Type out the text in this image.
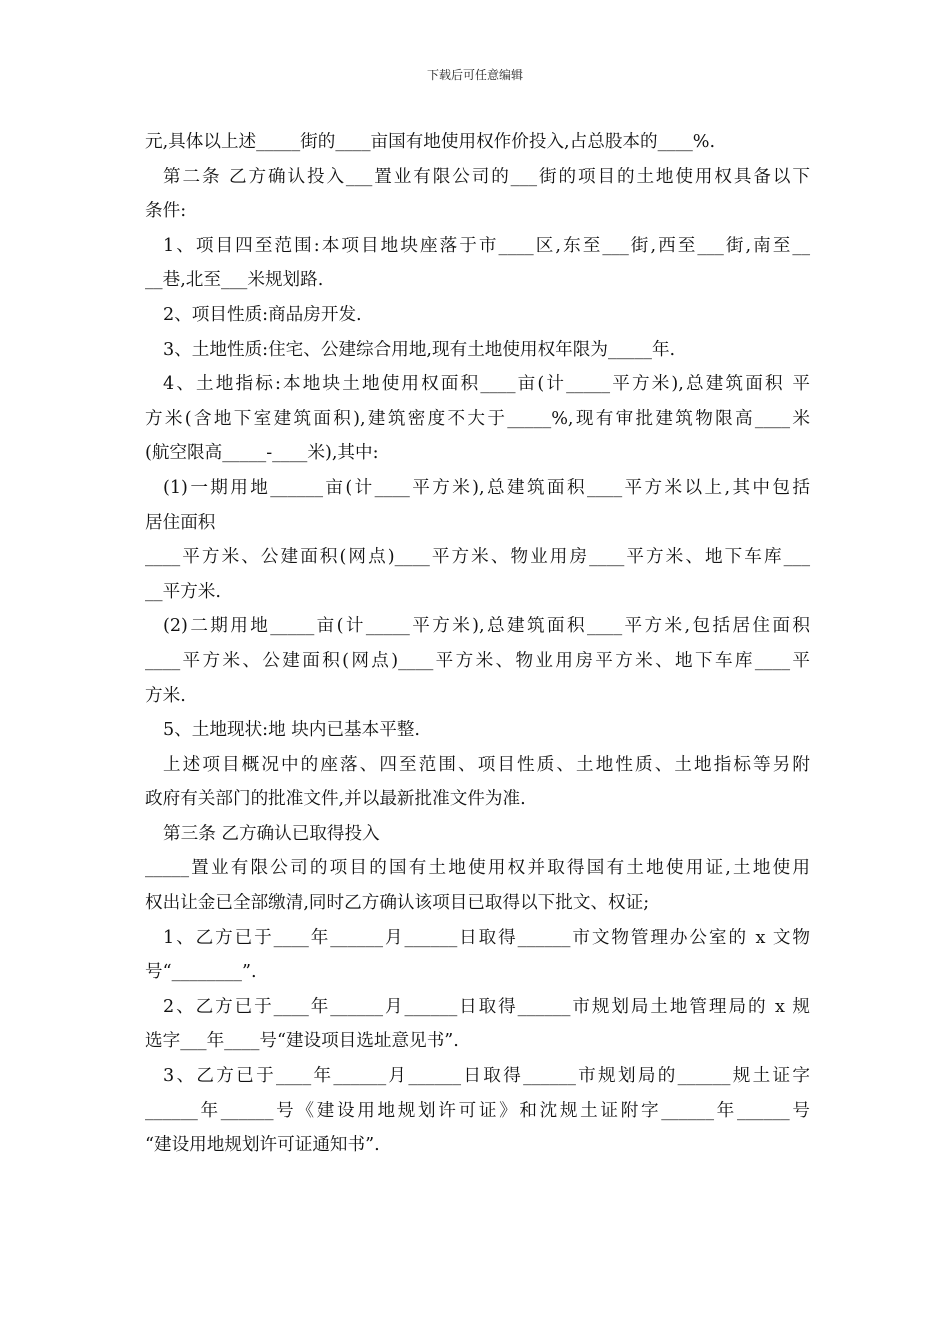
下载后可任意编辑
元,具体以上述_____街的____亩国有地使用权作价投入,占总股本的____%.
第二条 乙方确认投入___置业有限公司的___街的项目的土地使用权具备以下
条件:
1、项目四至范围:本项目地块座落于市____区,东至___街,西至___街,南至__
__巷,北至___米规划路.
2、项目性质:商品房开发.
3、土地性质:住宅、公建综合用地,现有土地使用权年限为_____年.
4、土地指标:本地块土地使用权面积____亩(计_____平方米),总建筑面积 平
方米(含地下室建筑面积),建筑密度不大于_____%,现有审批建筑物限高____米
(航空限高_____-____米),其中:
(1)一期用地______亩(计____平方米),总建筑面积____平方米以上,其中包括
居住面积
____平方米、公建面积(网点)____平方米、物业用房____平方米、地下车库___
__平方米.
(2)二期用地_____亩(计_____平方米),总建筑面积____平方米,包括居住面积
____平方米、公建面积(网点)____平方米、物业用房平方米、地下车库____平
方米.
5、土地现状:地 块内已基本平整.
上述项目概况中的座落、四至范围、项目性质、土地性质、土地指标等另附
政府有关部门的批准文件,并以最新批准文件为准.
第三条 乙方确认已取得投入
_____置业有限公司的项目的国有土地使用权并取得国有土地使用证,土地使用
权出让金已全部缴清,同时乙方确认该项目已取得以下批文、权证;
1、乙方已于____年______月______日取得______市文物管理办公室的 x 文物
号“________”.
2、乙方已于____年______月______日取得______市规划局土地管理局的 x 规
选字___年____号“建设项目选址意见书”.
3、乙方已于____年______月______日取得______市规划局的______规土证字
______年______号《建设用地规划许可证》和沈规土证附字______年______号
“建设用地规划许可证通知书”.
